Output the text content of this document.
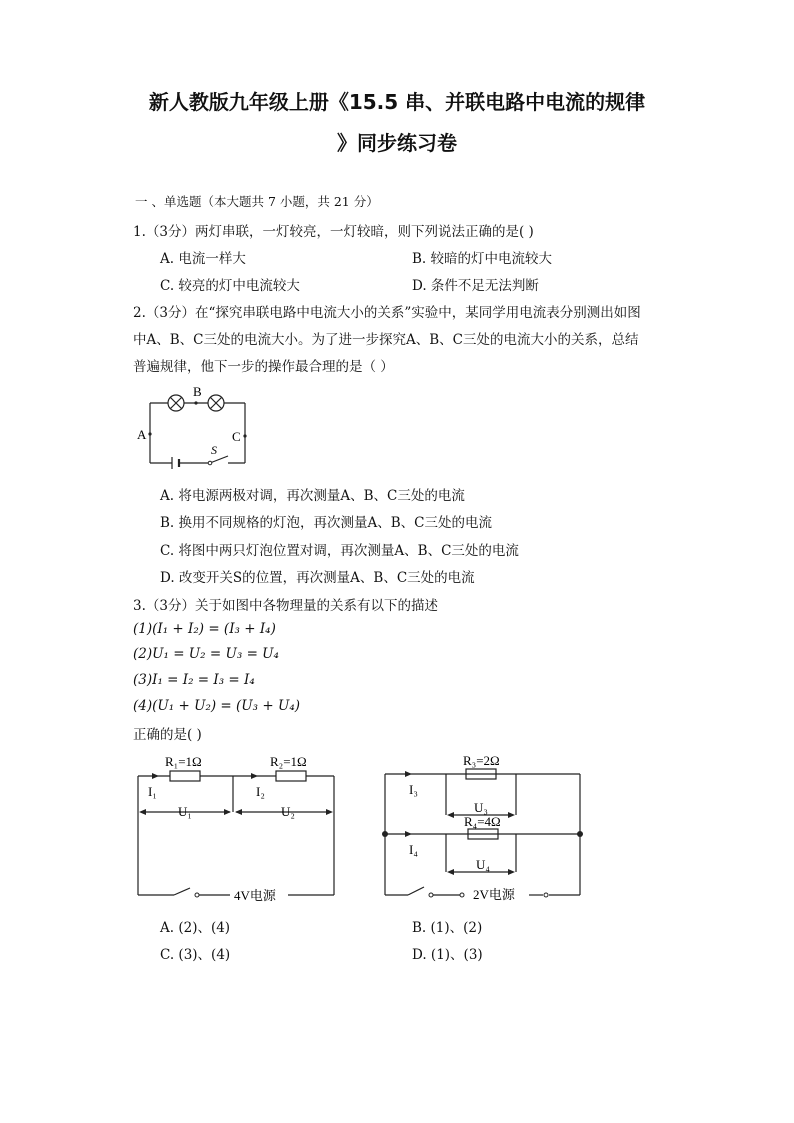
新人教版九年级上册《15.5 串、并联电路中电流的规律
》同步练习卷
一 、单选题（本大题共 7 小题，共 21 分）
1.（3分）两灯串联，一灯较亮，一灯较暗，则下列说法正确的是( )
A. 电流一样大	B. 较暗的灯中电流较大
C. 较亮的灯中电流较大	D. 条件不足无法判断
2.（3分）在“探究串联电路中电流大小的关系”实验中，某同学用电流表分别测出如图
中A、B、C三处的电流大小。为了进一步探究A、B、C三处的电流大小的关系，总结
普遍规律，他下一步的操作最合理的是（ ）
B
A	C
S
A. 将电源两极对调，再次测量A、B、C三处的电流
B. 换用不同规格的灯泡，再次测量A、B、C三处的电流
C. 将图中两只灯泡位置对调，再次测量A、B、C三处的电流
D. 改变开关S的位置，再次测量A、B、C三处的电流
3.（3分）关于如图中各物理量的关系有以下的描述
(1)(I₁ + I₂) = (I₃ + I₄)
(2)U₁ = U₂ = U₃ = U₄
(3)I₁ = I₂ = I₃ = I₄
(4)(U₁ + U₂) = (U₃ + U₄)
正确的是( )
R₁=1Ω	R₂=1Ω
I₁	I₂
U₁	U₂
4V电源
R₃=2Ω
R₄=4Ω
I₃
I₄
U₃
U₄
2V电源
A. (2)、(4)	B. (1)、(2)
C. (3)、(4)	D. (1)、(3)
